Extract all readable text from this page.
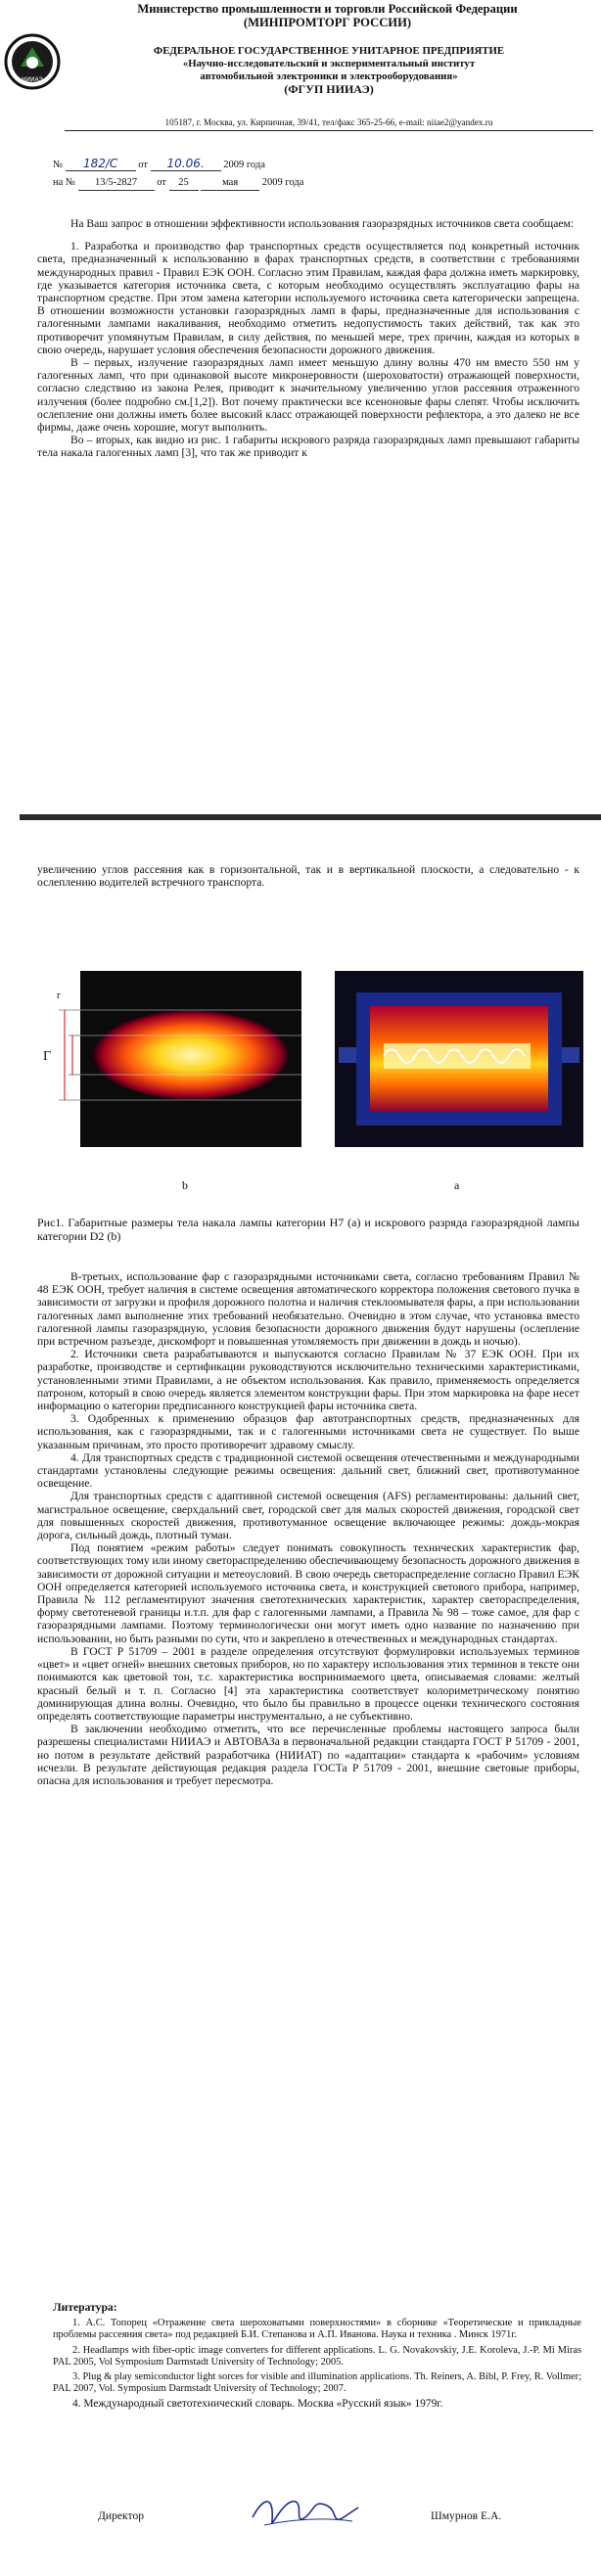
НИИАЭ
Министерство промышленности и торговли Российской Федерации
(МИНПРОМТОРГ РОССИИ)
ФЕДЕРАЛЬНОЕ ГОСУДАРСТВЕННОЕ УНИТАРНОЕ ПРЕДПРИЯТИЕ
«Научно-исследовательский и экспериментальный институт
автомобильной электроники и электрооборудования»
(ФГУП НИИАЭ)
105187, г. Москва, ул. Кирпичная, 39/41, тел/факс 365-25-66, e-mail: niiae2@yandex.ru
№ 182/С от 10.06. 2009 года
на № 13/5-2827 от 25	мая 2009 года

На Ваш запрос в отношении эффективности использования газоразрядных источников света сообщаем:

1. Разработка и производство фар транспортных средств осуществляется под конкретный источник света, предназначенный к использованию в фарах транспортных средств, в соответствии с требованиями международных правил - Правил ЕЭК ООН. Согласно этим Правилам, каждая фара должна иметь маркировку, где указывается категория источника света, с которым необходимо осуществлять эксплуатацию фары на транспортном средстве. При этом замена категории используемого источника света категорически запрещена. В отношении возможности установки газоразрядных ламп в фары, предназначенные для использования с галогенными лампами накаливания, необходимо отметить недопустимость таких действий, так как это противоречит упомянутым Правилам, в силу действия, по меньшей мере, трех причин, каждая из которых в свою очередь, нарушает условия обеспечения безопасности дорожного движения.

В – первых, излучение газоразрядных ламп имеет меньшую длину волны 470 нм вместо 550 нм у галогенных ламп, что при одинаковой высоте микронеровности (шероховатости) отражающей поверхности, согласно следствию из закона Релея, приводит к значительному увеличению углов рассеяния отраженного излучения (более подробно см.[1,2]). Вот почему практически все ксеноновые фары слепят. Чтобы исключить ослепление они должны иметь более высокий класс отражающей поверхности рефлектора, а это далеко не все фирмы, даже очень хорошие, могут выполнить.

Во – вторых, как видно из рис. 1 габариты искрового разряда газоразрядных ламп превышают габариты тела накала галогенных ламп [3], что так же приводит к

увеличению углов рассеяния как в горизонтальной, так и в вертикальной плоскости, а следовательно - к ослеплению водителей встречного транспорта.

Г
г
b	a

Рис1. Габаритные размеры тела накала лампы категории Н7 (a) и искрового разряда газоразрядной лампы категории D2 (b)

В-третьих, использование фар с газоразрядными источниками света, согласно требованиям Правил № 48 ЕЭК ООН, требует наличия в системе освещения автоматического корректора положения светового пучка в зависимости от загрузки и профиля дорожного полотна и наличия стеклоомывателя фары, а при использовании галогенных ламп выполнение этих требований необязательно. Очевидно в этом случае, что установка вместо галогенной лампы газоразрядную, условия безопасности дорожного движения будут нарушены (ослепление при встречном разъезде, дискомфорт и повышенная утомляемость при движении в дождь и ночью).

2. Источники света разрабатываются и выпускаются согласно Правилам № 37 ЕЭК ООН. При их разработке, производстве и сертификации руководствуются исключительно техническими характеристиками, установленными этими Правилами, а не объектом использования. Как правило, применяемость определяется патроном, который в свою очередь является элементом конструкции фары. При этом маркировка на фаре несет информацию о категории предписанного конструкцией фары источника света.

3. Одобренных к применению образцов фар автотранспортных средств, предназначенных для использования, как с газоразрядными, так и с галогенными источниками света не существует. По выше указанным причинам, это просто противоречит здравому смыслу.

4. Для транспортных средств с традиционной системой освещения отечественными и международными стандартами установлены следующие режимы освещения: дальний свет, ближний свет, противотуманное освещение.

Для транспортных средств с адаптивной системой освещения (AFS) регламентированы: дальний свет, магистральное освещение, сверхдальний свет, городской свет для малых скоростей движения, городской свет для повышенных скоростей движения, противотуманное освещение включающее режимы: дождь-мокрая дорога, сильный дождь, плотный туман.

Под понятием «режим работы» следует понимать совокупность технических характеристик фар, соответствующих тому или иному светораспределению обеспечивающему безопасность дорожного движения в зависимости от дорожной ситуации и метеоусловий. В свою очередь светораспределение согласно Правил ЕЭК ООН определяется категорией используемого источника света, и конструкцией светового прибора, например, Правила № 112 регламентируют значения светотехнических характеристик, характер светораспределения, форму светотеневой границы и.т.п. для фар с галогенными лампами, а Правила № 98 – тоже самое, для фар с газоразрядными лампами. Поэтому терминологически они могут иметь одно название по назначению при использовании, но быть разными по сути, что и закреплено в отечественных и международных стандартах.

В ГОСТ Р 51709 – 2001 в разделе определения отсутствуют формулировки используемых терминов «цвет» и «цвет огней» внешних световых приборов, но по характеру использования этих терминов в тексте они понимаются как цветовой тон, т.с. характеристика воспринимаемого цвета, описываемая словами: желтый красный белый и т. п. Согласно [4] эта характеристика соответствует колориметрическому понятию доминирующая длина волны. Очевидно, что было бы правильно в процессе оценки технического состояния определять соответствующие параметры инструментально, а не субъективно.

В заключении необходимо отметить, что все перечисленные проблемы настоящего запроса были разрешены специалистами НИИАЭ и АВТОВАЗа в первоначальной редакции стандарта ГОСТ Р 51709 - 2001, но потом в результате действий разработчика (НИИАТ) по «адаптации» стандарта к «рабочим» условиям исчезли. В результате действующая редакция раздела ГОСТа Р 51709 - 2001, внешние световые приборы, опасна для использования и требует пересмотра.

Литература:

1. А.С. Топорец «Отражение света шероховатыми поверхностями» в сборнике «Теоретические и прикладные проблемы рассеяния света» под редакцией Б.И. Степанова и А.П. Иванова. Наука и техника . Минск 1971г.

2. Headlamps with fiber-optic image converters for different applications. L. G. Novakovskiy, J.E. Koroleva, J.-P. Mi Miras PAL 2005, Vol Symposium Darmstadt University of Technology; 2005.

3. Plug & play semiconductor light sorces for visible and illumination applications. Th. Reiners, A. Bibl, P. Frey, R. Vollmer; PAL 2007, Vol. Symposium Darmstadt University of Technology; 2007.

4. Международный светотехнический словарь. Москва «Русский язык» 1979г.

Директор	Шмурнов Е.А.
